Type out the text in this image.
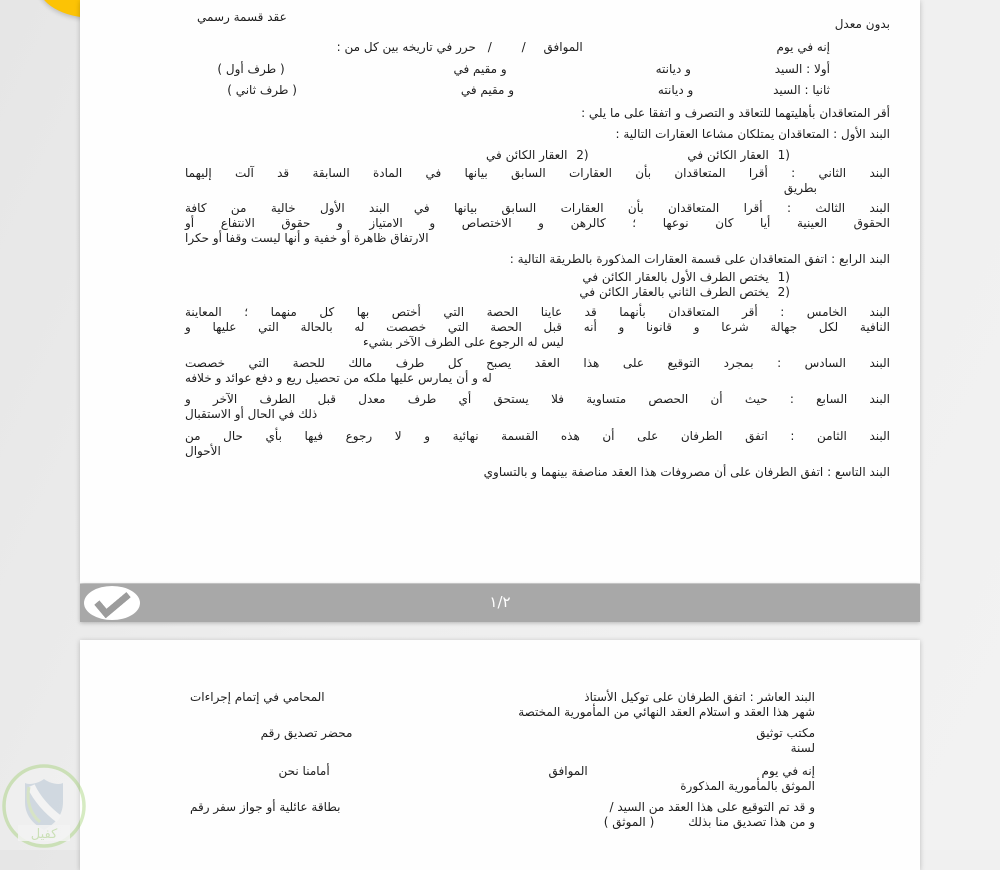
بدون معدل
عقد قسمة رسمي
إنه في يوم الموافق / / حرر في تاريخه بين كل من :
أولا : السيد و ديانته و مقيم في ( طرف أول )
ثانيا : السيد و ديانته و مقيم في ( طرف ثاني )
أقر المتعاقدان بأهليتهما للتعاقد و التصرف و اتفقا على ما يلي :
البند الأول : المتعاقدان يمتلكان مشاعا العقارات التالية :
1) العقار الكائن في 2) العقار الكائن في
البند الثاني : أقرا المتعاقدان بأن العقارات السابق بيانها في المادة السابقة قد آلت إليهما
بطريق
البند الثالث : أقرا المتعاقدان بأن العقارات السابق بيانها في البند الأول خالية من كافة
الحقوق العينية أيا كان نوعها ؛ كالرهن و الاختصاص و الامتياز و حقوق الانتفاع أو
الارتفاق ظاهرة أو خفية و أنها ليست وقفا أو حكرا
البند الرابع : اتفق المتعاقدان على قسمة العقارات المذكورة بالطريقة التالية :
1) يختص الطرف الأول بالعقار الكائن في
2) يختص الطرف الثاني بالعقار الكائن في
البند الخامس : أقر المتعاقدان بأنهما قد عاينا الحصة التي أختص بها كل منهما ؛ المعاينة
النافية لكل جهالة شرعا و قانونا و أنه قبل الحصة التي خصصت له بالحالة التي عليها و
ليس له الرجوع على الطرف الآخر بشيء
البند السادس : بمجرد التوقيع على هذا العقد يصبح كل طرف مالك للحصة التي خصصت
له و أن يمارس عليها ملكه من تحصيل ريع و دفع عوائد و خلافه
البند السابع : حيث أن الحصص متساوية فلا يستحق أي طرف معدل قبل الطرف الآخر و
ذلك في الحال أو الاستقبال
البند الثامن : اتفق الطرفان على أن هذه القسمة نهائية و لا رجوع فيها بأي حال من
الأحوال
البند التاسع : اتفق الطرفان على أن مصروفات هذا العقد مناصفة بينهما و بالتساوي
١/٢
البند العاشر : اتفق الطرفان على توكيل الأستاذ
المحامي في إتمام إجراءات
شهر هذا العقد و استلام العقد النهائي من المأمورية المختصة
مكتب توثيق محضر تصديق رقم
لسنة
إنه في يوم الموافق أمامنا نحن
الموثق بالمأمورية المذكورة
و قد تم التوقيع على هذا العقد من السيد /
بطاقة عائلية أو جواز سفر رقم
و من هذا تصديق منا بذلك ( الموثق )
كفيل
